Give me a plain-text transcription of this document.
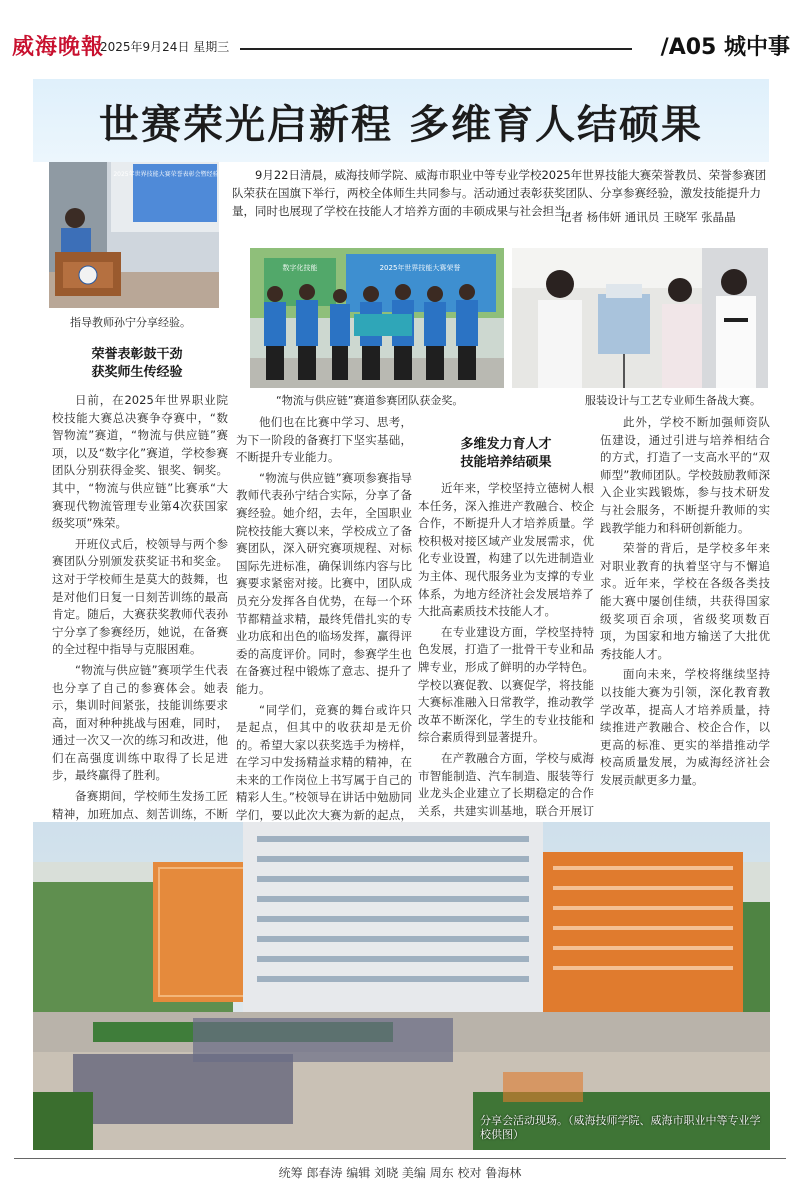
威海晚報
2025年9月24日 星期三	/A05 城中事
世赛荣光启新程 多维育人结硕果
2025年世界技能大赛荣誉表彰会暨经验分享会
指导教师孙宁分享经验。
9月22日清晨，威海技师学院、威海市职业中等专业学校2025年世界技能大赛荣誉教员、荣誉参赛团队荣获在国旗下举行，两校全体师生共同参与。活动通过表彰获奖团队、分享参赛经验，激发技能提升力量，同时也展现了学校在技能人才培养方面的丰硕成果与社会担当。
记者 杨伟妍 通讯员 王晓军 张晶晶
数字化技能	2025年世界技能大赛荣誉
“物流与供应链”赛道参赛团队获金奖。	服装设计与工艺专业师生备战大赛。
荣誉表彰鼓干劲
获奖师生传经验

日前，在2025年世界职业院校技能大赛总决赛争夺赛中，“数智物流”赛道，“物流与供应链”赛项，以及“数字化”赛道，学校参赛团队分别获得金奖、银奖、铜奖。其中，“物流与供应链”比赛承“大赛现代物流管理专业第4次获国家级奖项”殊荣。

开班仪式后，校领导与两个参赛团队分别颁发获奖证书和奖金。这对于学校师生是莫大的鼓舞，也是对他们日复一日刻苦训练的最高肯定。随后，大赛获奖教师代表孙宁分享了参赛经历，她说，在备赛的全过程中指导与克服困难。

“物流与供应链”赛项学生代表也分享了自己的参赛体会。她表示，集训时间紧张，技能训练要求高，面对种种挑战与困难，同时，通过一次又一次的练习和改进，他们在高强度训练中取得了长足进步，最终赢得了胜利。

备赛期间，学校师生发扬工匠精神，加班加点、刻苦训练，不断

他们也在比赛中学习、思考，为下一阶段的备赛打下坚实基础，不断提升专业能力。

“物流与供应链”赛项参赛指导教师代表孙宁结合实际，分享了备赛经验。她介绍，去年，全国职业院校技能大赛以来，学校成立了备赛团队，深入研究赛项规程、对标国际先进标准，确保训练内容与比赛要求紧密对接。比赛中，团队成员充分发挥各自优势，在每一个环节都精益求精，最终凭借扎实的专业功底和出色的临场发挥，赢得评委的高度评价。同时，参赛学生也在备赛过程中锻炼了意志、提升了能力。

“同学们，竞赛的舞台或许只是起点，但其中的收获却是无价的。希望大家以获奖选手为榜样，在学习中发扬精益求精的精神，在未来的工作岗位上书写属于自己的精彩人生。”校领导在讲话中勉励同学们，要以此次大赛为新的起点，

多维发力育人才
技能培养结硕果

近年来，学校坚持立德树人根本任务，深入推进产教融合、校企合作，不断提升人才培养质量。学校积极对接区域产业发展需求，优化专业设置，构建了以先进制造业为主体、现代服务业为支撑的专业体系，为地方经济社会发展培养了大批高素质技术技能人才。

在专业建设方面，学校坚持特色发展，打造了一批骨干专业和品牌专业，形成了鲜明的办学特色。学校以赛促教、以赛促学，将技能大赛标准融入日常教学，推动教学改革不断深化，学生的专业技能和综合素质得到显著提升。

在产教融合方面，学校与威海市智能制造、汽车制造、服装等行业龙头企业建立了长期稳定的合作关系，共建实训基地，联合开展订

此外，学校不断加强师资队伍建设，通过引进与培养相结合的方式，打造了一支高水平的“双师型”教师团队。学校鼓励教师深入企业实践锻炼，参与技术研发与社会服务，不断提升教师的实践教学能力和科研创新能力。

荣誉的背后，是学校多年来对职业教育的执着坚守与不懈追求。近年来，学校在各级各类技能大赛中屡创佳绩，共获得国家级奖项百余项，省级奖项数百项，为国家和地方输送了大批优秀技能人才。

面向未来，学校将继续坚持以技能大赛为引领，深化教育教学改革，提高人才培养质量，持续推进产教融合、校企合作，以更高的标准、更实的举措推动学校高质量发展，为威海经济社会发展贡献更多力量。

分享会活动现场。（威海技师学院、威海市职业中等专业学校供图）
统筹 郎春涛 编辑 刘晓 美编 周东 校对 鲁海林
